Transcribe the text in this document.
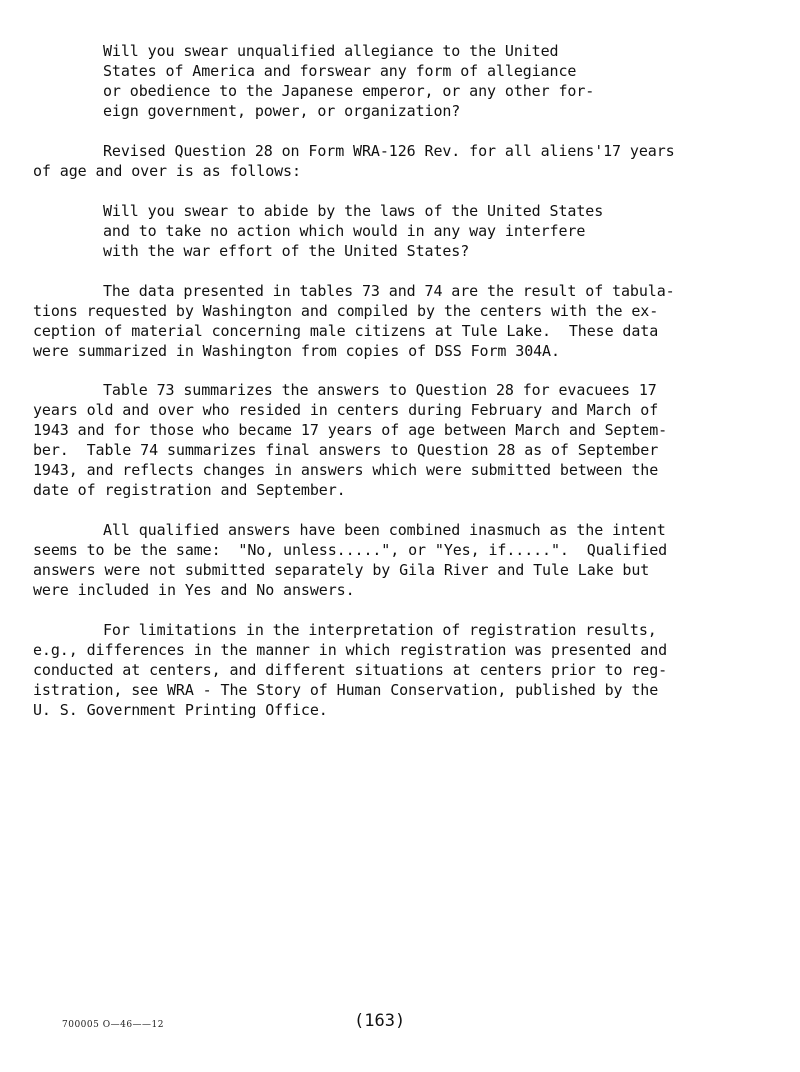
Will you swear unqualified allegiance to the United
States of America and forswear any form of allegiance
or obedience to the Japanese emperor, or any other for-
eign government, power, or organization?
Revised Question 28 on Form WRA-126 Rev. for all aliens'17 years
of age and over is as follows:
Will you swear to abide by the laws of the United States
and to take no action which would in any way interfere
with the war effort of the United States?
The data presented in tables 73 and 74 are the result of tabula-
tions requested by Washington and compiled by the centers with the ex-
ception of material concerning male citizens at Tule Lake.  These data
were summarized in Washington from copies of DSS Form 304A.
Table 73 summarizes the answers to Question 28 for evacuees 17
years old and over who resided in centers during February and March of
1943 and for those who became 17 years of age between March and Septem-
ber.  Table 74 summarizes final answers to Question 28 as of September
1943, and reflects changes in answers which were submitted between the
date of registration and September.
All qualified answers have been combined inasmuch as the intent
seems to be the same:  "No, unless.....", or "Yes, if.....".  Qualified
answers were not submitted separately by Gila River and Tule Lake but
were included in Yes and No answers.
For limitations in the interpretation of registration results,
e.g., differences in the manner in which registration was presented and
conducted at centers, and different situations at centers prior to reg-
istration, see WRA - The Story of Human Conservation, published by the
U. S. Government Printing Office.
700005 O—46——12	(163)
